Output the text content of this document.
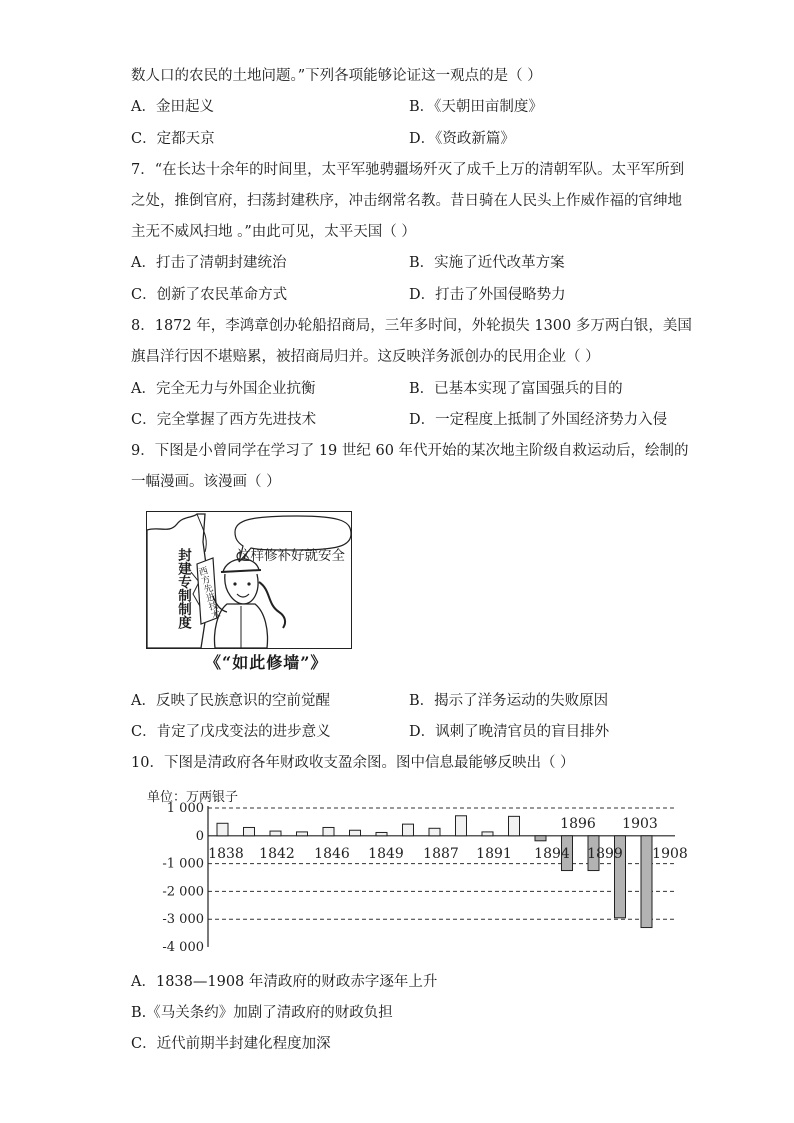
数人口的农民的土地问题。”下列各项能够论证这一观点的是（ ）
A．金田起义	B．《天朝田亩制度》
C．定都天京	D．《资政新篇》
7．“在长达十余年的时间里，太平军驰骋疆场歼灭了成千上万的清朝军队。太平军所到
之处，推倒官府，扫荡封建秩序，冲击纲常名教。昔日骑在人民头上作威作福的官绅地
主无不威风扫地 。”由此可见，太平天国（ ）
A．打击了清朝封建统治	B．实施了近代改革方案
C．创新了农民革命方式	D．打击了外国侵略势力
8．1872 年，李鸿章创办轮船招商局，三年多时间，外轮损失 1300 多万两白银，美国
旗昌洋行因不堪赔累，被招商局归并。这反映洋务派创办的民用企业（ ）
A．完全无力与外国企业抗衡	B．已基本实现了富国强兵的目的
C．完全掌握了西方先进技术	D．一定程度上抵制了外国经济势力入侵
9．下图是小曾同学在学习了 19 世纪 60 年代开始的某次地主阶级自救运动后，绘制的
一幅漫画。该漫画（ ）
这样修补好就安全
封建专制制度 西方先进技术
《“如此修墙”》
A．反映了民族意识的空前觉醒	B．揭示了洋务运动的失败原因
C．肯定了戊戌变法的进步意义	D．讽刺了晚清官员的盲目排外
10．下图是清政府各年财政收支盈余图。图中信息最能够反映出（ ）
单位：万两银子
1 000
0
-1 000
-2 000
-3 000
-4 000
1838 1842 1846 1849 1887 1891 1894
1896
1899
1903
1908
A．1838—1908 年清政府的财政赤字逐年上升
B.《马关条约》加剧了清政府的财政负担
C．近代前期半封建化程度加深
